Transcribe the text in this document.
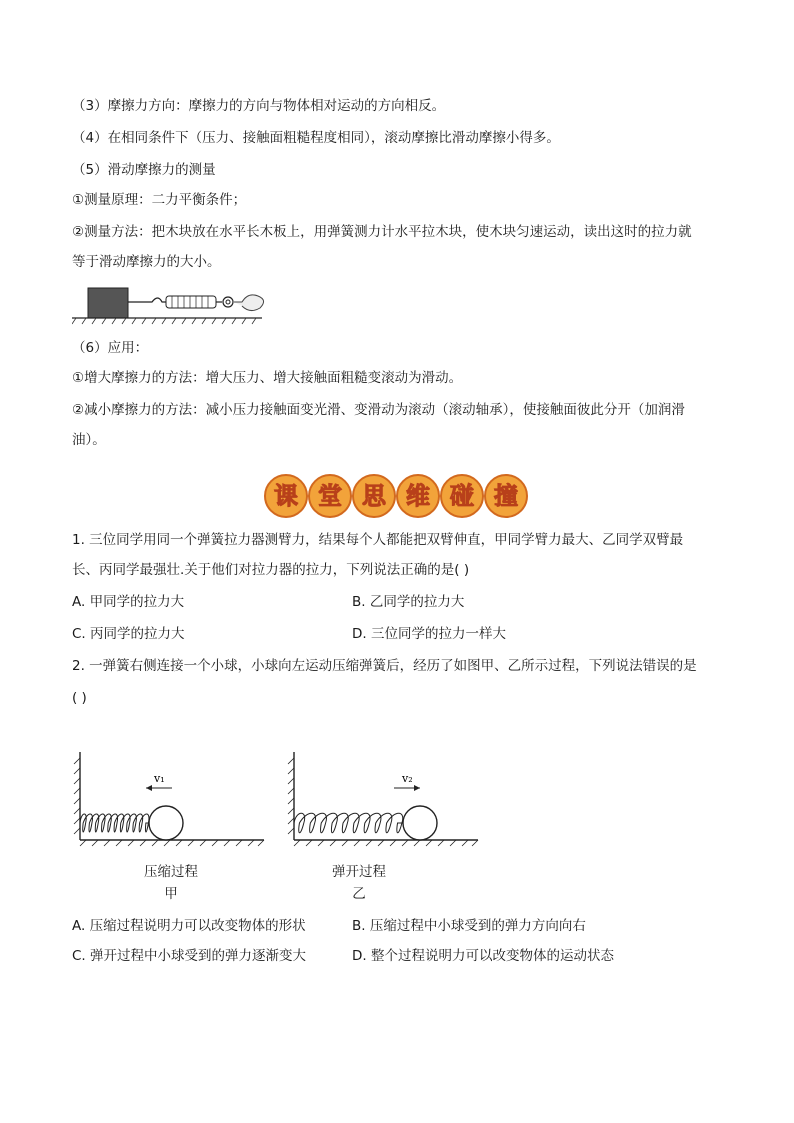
（3）摩擦力方向：摩擦力的方向与物体相对运动的方向相反。
（4）在相同条件下（压力、接触面粗糙程度相同），滚动摩擦比滑动摩擦小得多。
（5）滑动摩擦力的测量
①测量原理：二力平衡条件；
②测量方法：把木块放在水平长木板上，用弹簧测力计水平拉木块，使木块匀速运动，读出这时的拉力就
等于滑动摩擦力的大小。
（6）应用：
①增大摩擦力的方法：增大压力、增大接触面粗糙变滚动为滑动。
②减小摩擦力的方法：减小压力接触面变光滑、变滑动为滚动（滚动轴承），使接触面彼此分开（加润滑
油）。
课 堂 思 维 碰 撞
1. 三位同学用同一个弹簧拉力器测臂力，结果每个人都能把双臂伸直，甲同学臂力最大、乙同学双臂最
长、丙同学最强壮.关于他们对拉力器的拉力，下列说法正确的是( )
A. 甲同学的拉力大	B. 乙同学的拉力大
C. 丙同学的拉力大	D. 三位同学的拉力一样大
2. 一弹簧右侧连接一个小球，小球向左运动压缩弹簧后，经历了如图甲、乙所示过程，下列说法错误的是
( )
v₁
压缩过程
甲
v₂
弹开过程
乙
A. 压缩过程说明力可以改变物体的形状	B. 压缩过程中小球受到的弹力方向向右
C. 弹开过程中小球受到的弹力逐渐变大	D. 整个过程说明力可以改变物体的运动状态
